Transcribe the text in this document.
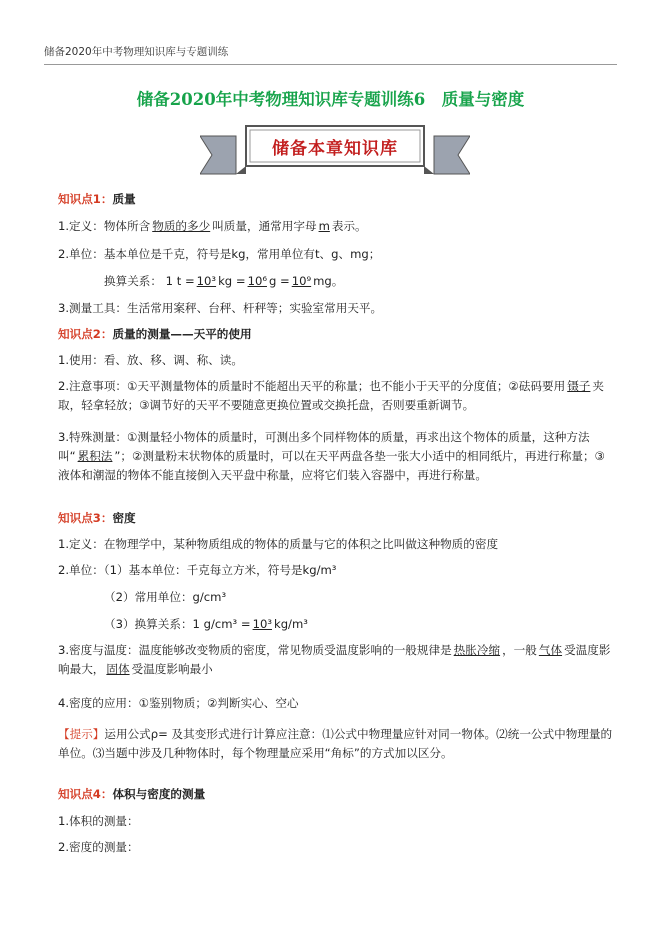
储备2020年中考物理知识库与专题训练
储备2020年中考物理知识库专题训练6　质量与密度
储备本章知识库
知识点1：质量
1.定义：物体所含 物质的多少 叫质量，通常用字母 m 表示。
2.单位：基本单位是千克，符号是kg，常用单位有t、g、mg；
换算关系： 1 t = 10³ kg = 10⁶ g = 10⁹ mg。
3.测量工具：生活常用案秤、台秤、杆秤等；实验室常用天平。
知识点2：质量的测量——天平的使用
1.使用：看、放、移、调、称、读。
2.注意事项：①天平测量物体的质量时不能超出天平的称量；也不能小于天平的分度值；②砝码要用 镊子 夹取，轻拿轻放；③调节好的天平不要随意更换位置或交换托盘，否则要重新调节。
3.特殊测量：①测量轻小物体的质量时，可测出多个同样物体的质量，再求出这个物体的质量，这种方法叫“ 累积法 ”；②测量粉末状物体的质量时，可以在天平两盘各垫一张大小适中的相同纸片，再进行称量；③液体和潮湿的物体不能直接倒入天平盘中称量，应将它们装入容器中，再进行称量。
知识点3：密度
1.定义：在物理学中，某种物质组成的物体的质量与它的体积之比叫做这种物质的密度
2.单位：（1）基本单位：千克每立方米，符号是kg/m³
（2）常用单位：g/cm³
（3）换算关系：1 g/cm³ = 10³ kg/m³
3.密度与温度：温度能够改变物质的密度，常见物质受温度影响的一般规律是 热胀冷缩 ，一般 气体 受温度影响最大， 固体 受温度影响最小
4.密度的应用：①鉴别物质；②判断实心、空心
【提示】运用公式ρ= 及其变形式进行计算应注意：⑴公式中物理量应针对同一物体。⑵统一公式中物理量的单位。⑶当题中涉及几种物体时，每个物理量应采用“角标”的方式加以区分。
知识点4：体积与密度的测量
1.体积的测量：
2.密度的测量：
